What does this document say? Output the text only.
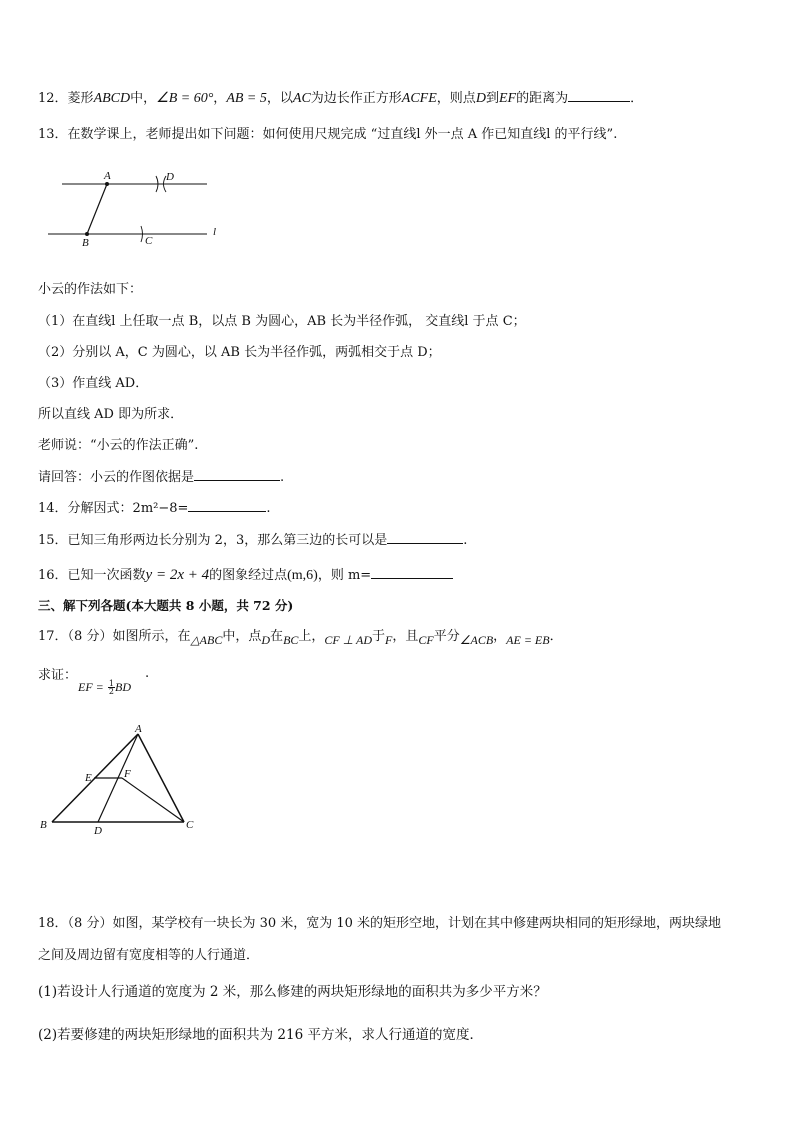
12．菱形ABCD中，∠B = 60°，AB = 5，以AC为边长作正方形ACFE，则点D到EF的距离为	．
13．在数学课上，老师提出如下问题：如何使用尺规完成 “过直线l 外一点 A 作已知直线l 的平行线”.
A	D
B	C
l
小云的作法如下：
（1）在直线l 上任取一点 B，以点 B 为圆心，AB 长为半径作弧， 交直线l 于点 C；
（2）分别以 A，C 为圆心，以 AB 长为半径作弧，两弧相交于点 D；
（3）作直线 AD．
所以直线 AD 即为所求．
老师说：“小云的作法正确”.
请回答：小云的作图依据是	.
14．分解因式：2m²−8=	.
15．已知三角形两边长分别为 2，3，那么第三边的长可以是	.
16．已知一次函数y = 2x + 4的图象经过点(m,6)，则 m=
三、解下列各题(本大题共 8 小题，共 72 分)
17．（8 分）如图所示，在△ABC中，点D在BC上，CF ⊥ AD于F，且CF平分∠ACB，AE = EB．
求证：
EF = $\frac{1}{2}BD$
.
A
E	F
B	D	C
18．（8 分）如图，某学校有一块长为 30 米，宽为 10 米的矩形空地，计划在其中修建两块相同的矩形绿地，两块绿地
之间及周边留有宽度相等的人行通道．
(1)若设计人行通道的宽度为 2 米，那么修建的两块矩形绿地的面积共为多少平方米？
(2)若要修建的两块矩形绿地的面积共为 216 平方米，求人行通道的宽度．
